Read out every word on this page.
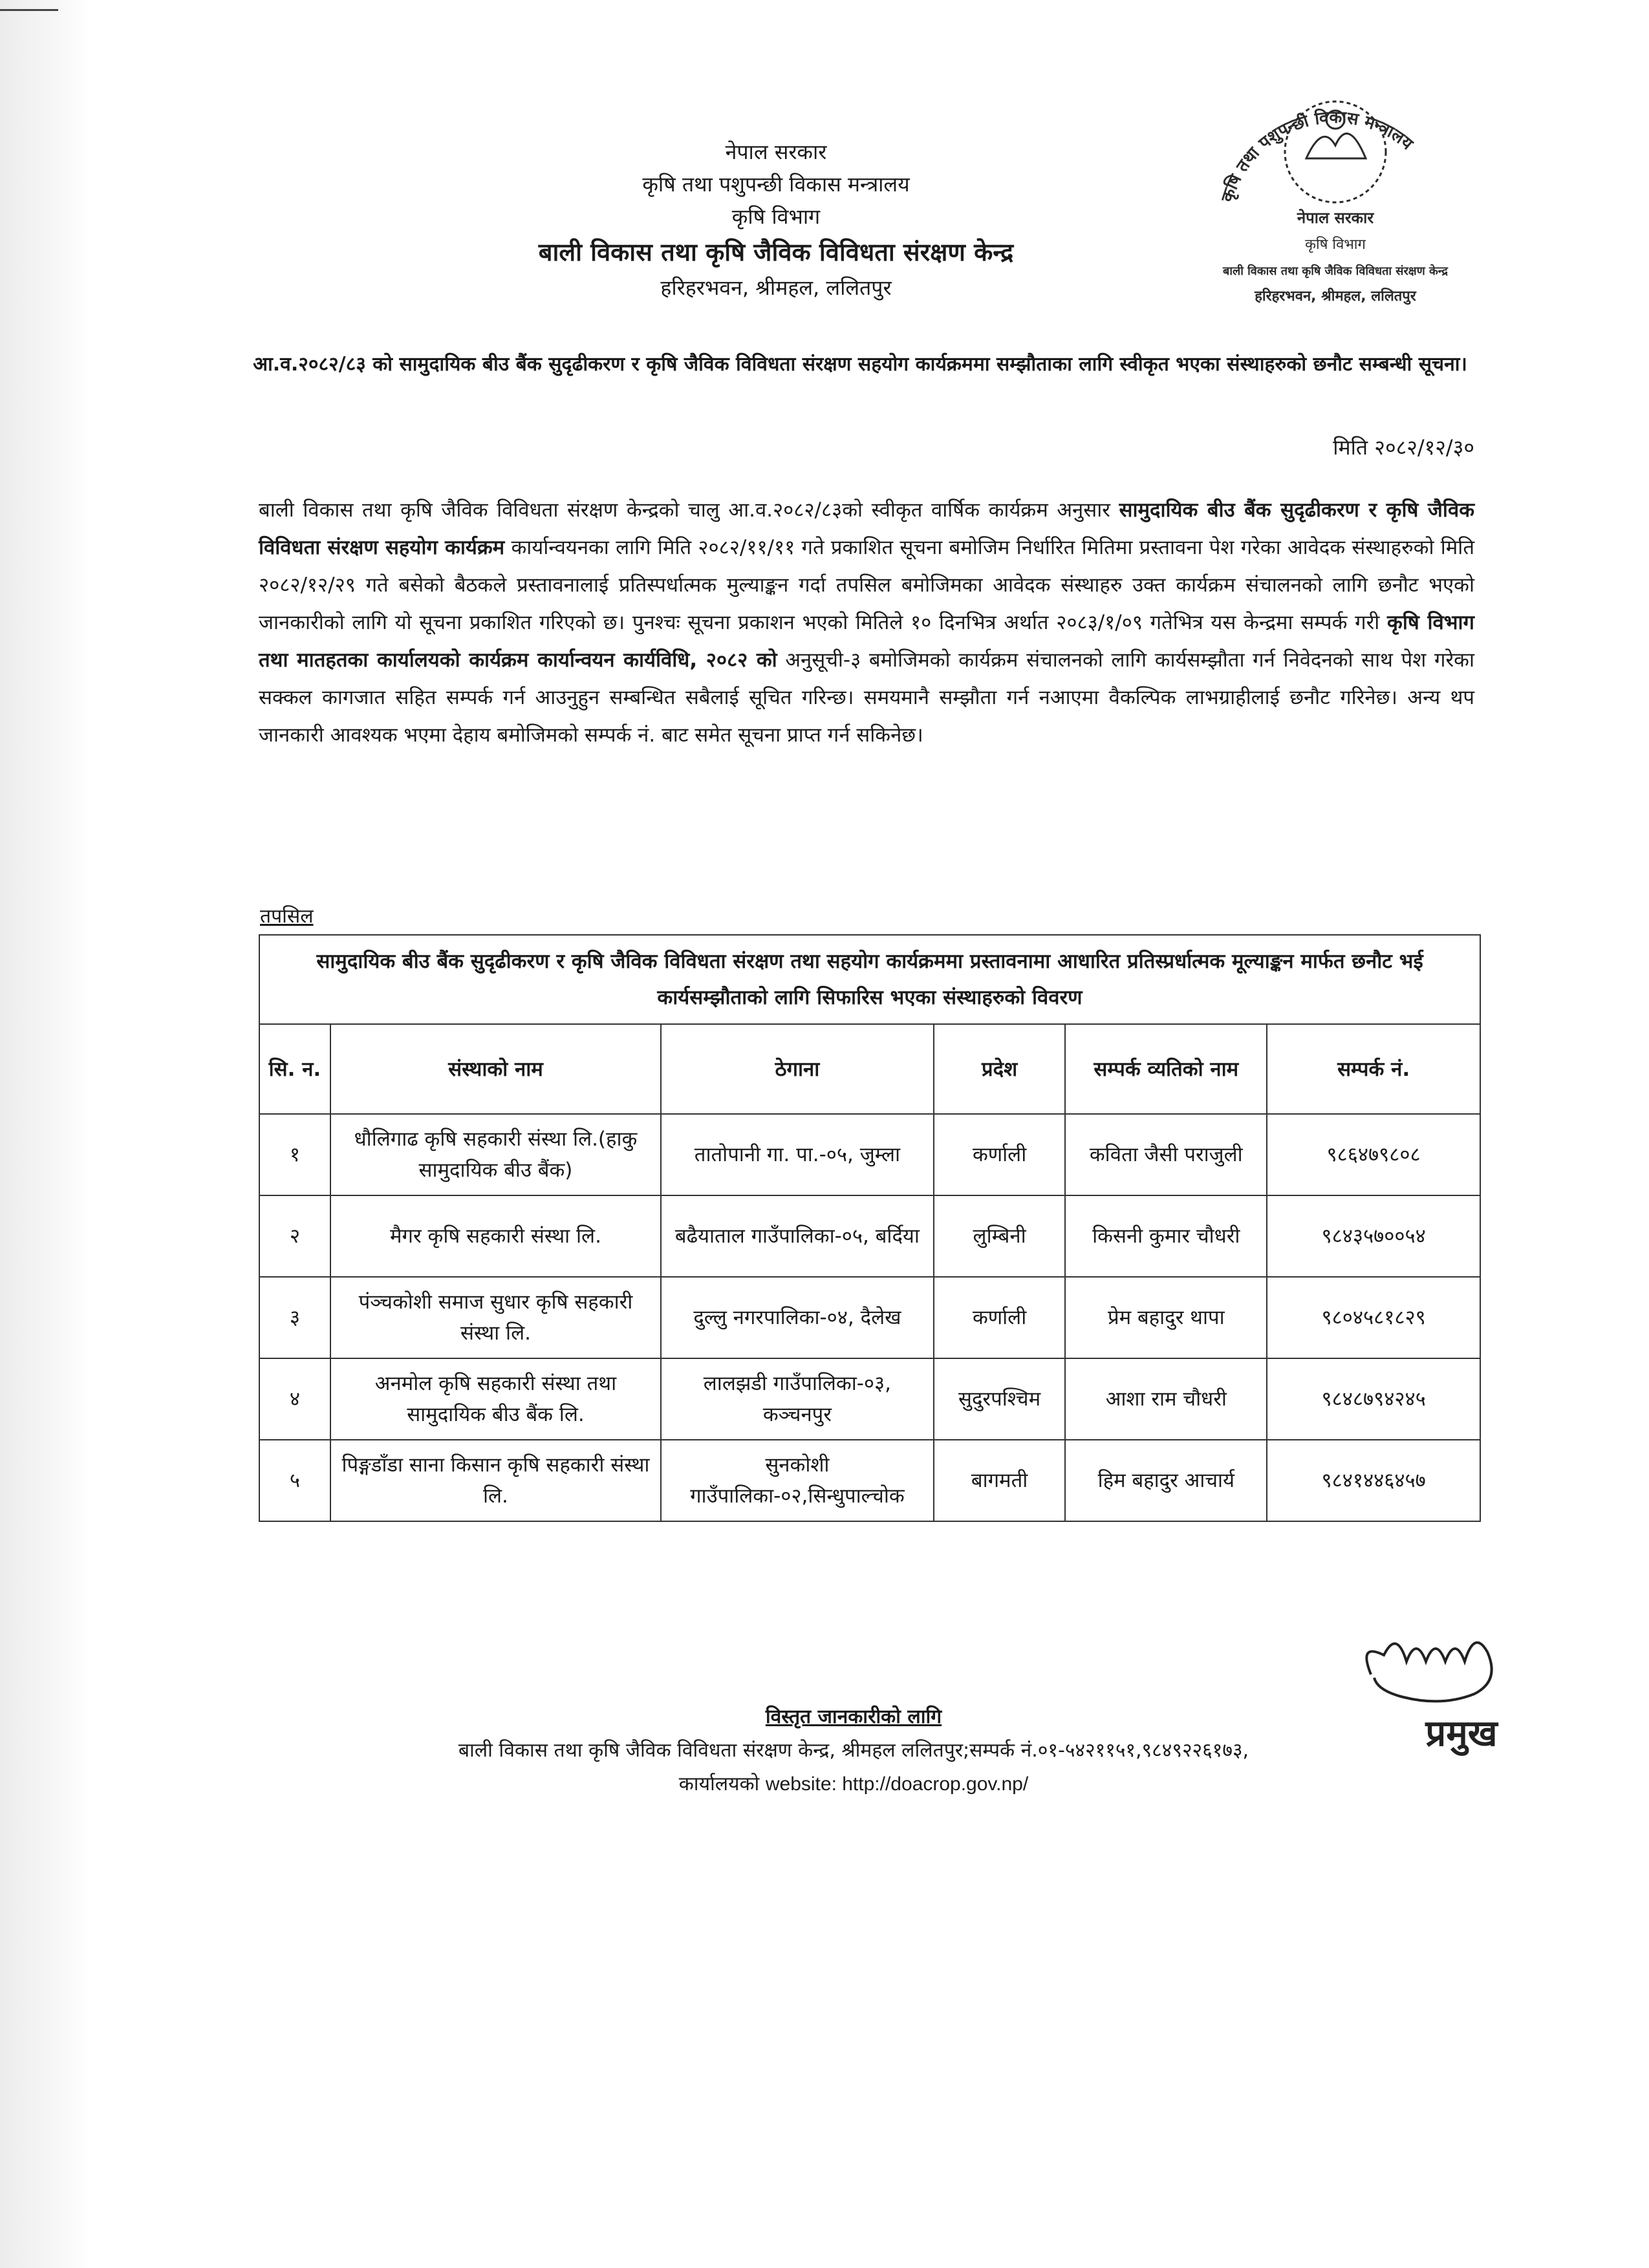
कृषि तथा पशुपन्छी विकास मन्त्रालय
नेपाल सरकार
कृषि विभाग
बाली विकास तथा कृषि जैविक विविधता संरक्षण केन्द्र
हरिहरभवन, श्रीमहल, ललितपुर
नेपाल सरकार
कृषि तथा पशुपन्छी विकास मन्त्रालय
कृषि विभाग
बाली विकास तथा कृषि जैविक विविधता संरक्षण केन्द्र
हरिहरभवन, श्रीमहल, ललितपुर
आ.व.२०८२/८३ को सामुदायिक बीउ बैंक सुदृढीकरण र कृषि जैविक विविधता संरक्षण सहयोग कार्यक्रममा सम्झौताका लागि स्वीकृत भएका संस्थाहरुको छनौट सम्बन्धी सूचना।
मिति २०८२/१२/३०
बाली विकास तथा कृषि जैविक विविधता संरक्षण केन्द्रको चालु आ.व.२०८२/८३को स्वीकृत वार्षिक कार्यक्रम अनुसार सामुदायिक बीउ बैंक सुदृढीकरण र कृषि जैविक विविधता संरक्षण सहयोग कार्यक्रम कार्यान्वयनका लागि मिति २०८२/११/११ गते प्रकाशित सूचना बमोजिम निर्धारित मितिमा प्रस्तावना पेश गरेका आवेदक संस्थाहरुको मिति २०८२/१२/२९ गते बसेको बैठकले प्रस्तावनालाई प्रतिस्पर्धात्मक मुल्याङ्कन गर्दा तपसिल बमोजिमका आवेदक संस्थाहरु उक्त कार्यक्रम संचालनको लागि छनौट भएको जानकारीको लागि यो सूचना प्रकाशित गरिएको छ। पुनश्चः सूचना प्रकाशन भएको मितिले १० दिनभित्र अर्थात २०८३/१/०९ गतेभित्र यस केन्द्रमा सम्पर्क गरी कृषि विभाग तथा मातहतका कार्यालयको कार्यक्रम कार्यान्वयन कार्यविधि, २०८२ को अनुसूची-३ बमोजिमको कार्यक्रम संचालनको लागि कार्यसम्झौता गर्न निवेदनको साथ पेश गरेका सक्कल कागजात सहित सम्पर्क गर्न आउनुहुन सम्बन्धित सबैलाई सूचित गरिन्छ। समयमानै सम्झौता गर्न नआएमा वैकल्पिक लाभग्राहीलाई छनौट गरिनेछ। अन्य थप जानकारी आवश्यक भएमा देहाय बमोजिमको सम्पर्क नं. बाट समेत सूचना प्राप्त गर्न सकिनेछ।
तपसिल
सामुदायिक बीउ बैंक सुदृढीकरण र कृषि जैविक विविधता संरक्षण तथा सहयोग कार्यक्रममा प्रस्तावनामा आधारित प्रतिस्प्रर्धात्मक मूल्याङ्कन मार्फत छनौट भई कार्यसम्झौताको लागि सिफारिस भएका संस्थाहरुको विवरण					
सि. न.	संस्थाको नाम	ठेगाना	प्रदेश	सम्पर्क व्यतिको नाम	सम्पर्क नं.
१	धौलिगाढ कृषि सहकारी संस्था लि.(हाकु सामुदायिक बीउ बैंक)	तातोपानी गा. पा.-०५, जुम्ला	कर्णाली	कविता जैसी पराजुली	९८६४७९८०८
२	मैगर कृषि सहकारी संस्था लि.	बढैयाताल गाउँपालिका-०५, बर्दिया	लुम्बिनी	किसनी कुमार चौधरी	९८४३५७००५४
३	पंञ्चकोशी समाज सुधार कृषि सहकारी संस्था लि.	दुल्लु नगरपालिका-०४, दैलेख	कर्णाली	प्रेम बहादुर थापा	९८०४५८१८२९
४	अनमोल कृषि सहकारी संस्था तथा सामुदायिक बीउ बैंक लि.	लालझडी गाउँपालिका-०३, कञ्चनपुर	सुदुरपश्चिम	आशा राम चौधरी	९८४८७९४२४५
५	पिङ्गडाँडा साना किसान कृषि सहकारी संस्था लि.	सुनकोशी गाउँपालिका-०२,सिन्धुपाल्चोक	बागमती	हिम बहादुर आचार्य	९८४१४४६४५७
प्रमुख
विस्तृत जानकारीको लागि
बाली विकास तथा कृषि जैविक विविधता संरक्षण केन्द्र, श्रीमहल ललितपुर;सम्पर्क नं.०१-५४२११५१,९८४९२२६१७३,
कार्यालयको website: http://doacrop.gov.np/
